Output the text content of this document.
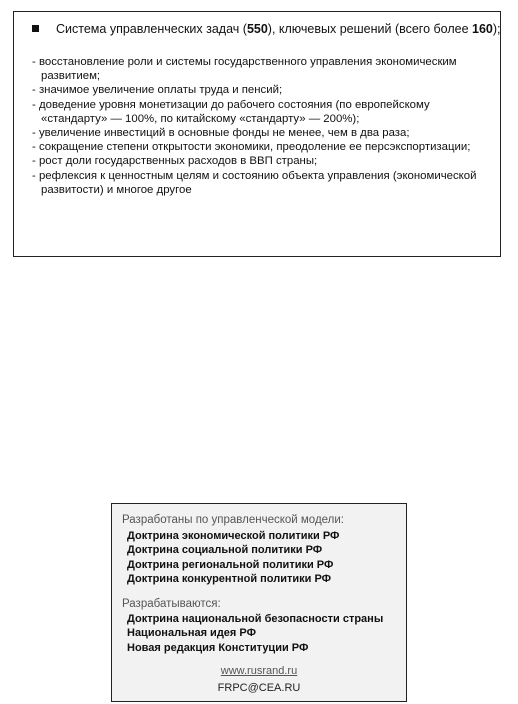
Система управленческих задач (550), ключевых решений (всего более 160);
- восстановление роли и системы государственного управления экономическим развитием;
- значимое увеличение оплаты труда и пенсий;
- доведение уровня монетизации до рабочего состояния (по европейскому «стандарту» — 100%, по китайскому «стандарту» — 200%);
- увеличение инвестиций в основные фонды не менее, чем в два раза;
- сокращение степени открытости экономики, преодоление ее персэкспортизации;
- рост доли государственных расходов в ВВП страны;
- рефлексия к ценностным целям и состоянию объекта управления (экономической развитости) и многое другое
Разработаны по управленческой модели:
Доктрина экономической политики РФ
Доктрина социальной политики РФ
Доктрина региональной политики РФ
Доктрина конкурентной политики РФ
Разрабатываются:
Доктрина национальной безопасности страны
Национальная идея РФ
Новая редакция Конституции РФ
www.rusrand.ru
FRPC@CEA.RU
